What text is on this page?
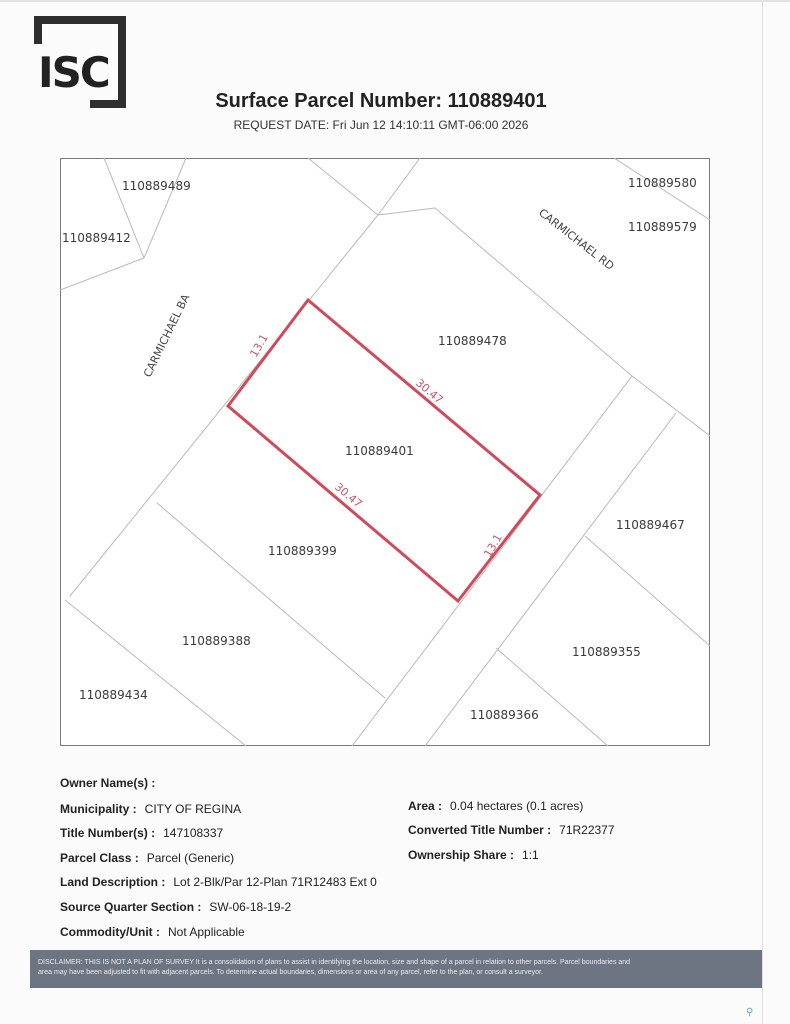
ISC
Surface Parcel Number: 110889401
REQUEST DATE: Fri Jun 12 14:10:11 GMT-06:00 2026
110889489
110889412
110889580
110889579
110889478
110889401
110889467
110889399
110889388
110889355
110889434
110889366
CARMICHAEL BA
CARMICHAEL RD
13.1
30.47
30.47
13.1
Owner Name(s) :
Municipality : CITY OF REGINA	Area : 0.04 hectares (0.1 acres)
Title Number(s) : 147108337	Converted Title Number : 71R22377
Parcel Class : Parcel (Generic)	Ownership Share : 1:1
Land Description : Lot 2-Blk/Par 12-Plan 71R12483 Ext 0
Source Quarter Section : SW-06-18-19-2
Commodity/Unit : Not Applicable
DISCLAIMER: THIS IS NOT A PLAN OF SURVEY It is a consolidation of plans to assist in identifying the location, size and shape of a parcel in relation to other parcels. Parcel boundaries and
area may have been adjusted to fit with adjacent parcels. To determine actual boundaries, dimensions or area of any parcel, refer to the plan, or consult a surveyor.
⚲
